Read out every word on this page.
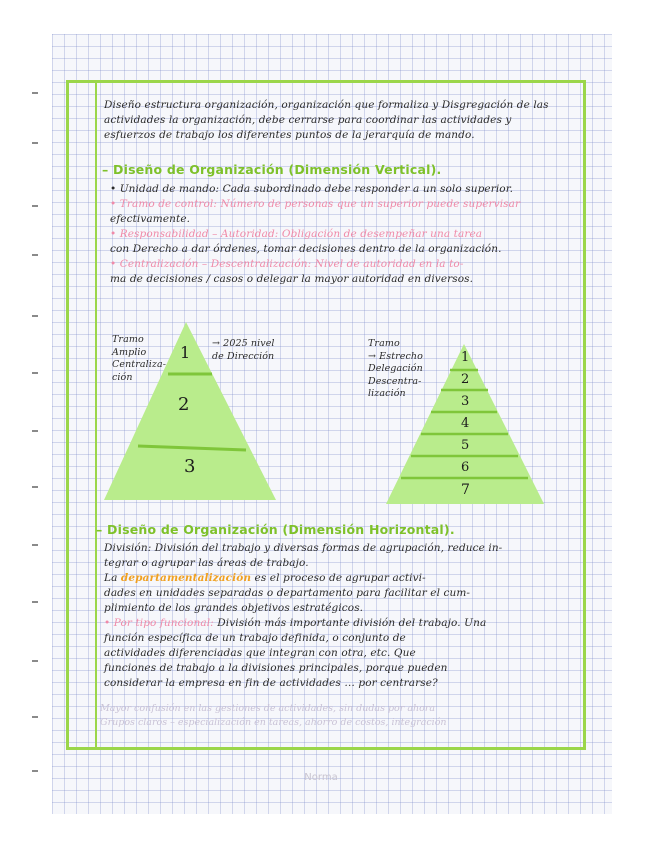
Diseño estructura organización, organización que formaliza y Disgregación de las
actividades la organización, debe cerrarse para coordinar las actividades y
esfuerzos de trabajo los diferentes puntos de la jerarquía de mando.
– Diseño de Organización (Dimensión Vertical).
• Unidad de mando: Cada subordinado debe responder a un solo superior.
• Tramo de control: Número de personas que un superior puede supervisar
efectivamente.
• Responsabilidad – Autoridad: Obligación de desempeñar una tarea
con Derecho a dar órdenes, tomar decisiones dentro de la organización.
• Centralización – Descentralización: Nivel de autoridad en la to-
ma de decisiones / casos o delegar la mayor autoridad en diversos.
Tramo
Amplio
Centraliza-
ción
→ 2025 nivel
de Dirección
1
2
3
Tramo
→ Estrecho
Delegación
Descentra-
lización
1
2
3
4
5
6
7
– Diseño de Organización (Dimensión Horizontal).
División: División del trabajo y diversas formas de agrupación, reduce in-
tegrar o agrupar las áreas de trabajo.
La departamentalización es el proceso de agrupar activi-
dades en unidades separadas o departamento para facilitar el cum-
plimiento de los grandes objetivos estratégicos.
• Por tipo funcional: División más importante división del trabajo. Una
función específica de un trabajo definida, o conjunto de
actividades diferenciadas que integran con otra, etc. Que
funciones de trabajo a la divisiones principales, porque pueden
considerar la empresa en fin de actividades … por centrarse?
Mayor confusión en las gestiones de actividades, sin dudas por ahora
Grupos claros – especialización en tareas, ahorro de costos, integración
Norma
